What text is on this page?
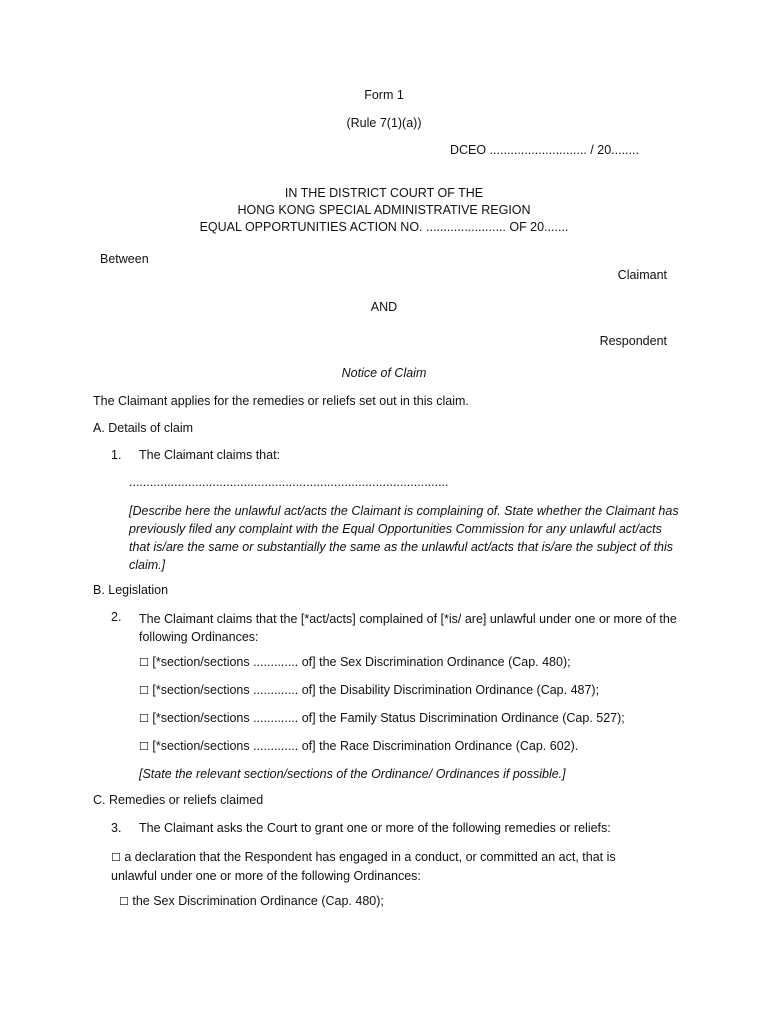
Form 1
(Rule 7(1)(a))
DCEO ............................ / 20........
IN THE DISTRICT COURT OF THE
HONG KONG SPECIAL ADMINISTRATIVE REGION
EQUAL OPPORTUNITIES ACTION NO. ....................... OF 20.......
Between
Claimant
AND
Respondent
Notice of Claim
The Claimant applies for the remedies or reliefs set out in this claim.
A. Details of claim
1. The Claimant claims that:
............................................................................................
[Describe here the unlawful act/acts the Claimant is complaining of. State whether the Claimant has previously filed any complaint with the Equal Opportunities Commission for any unlawful act/acts that is/are the same or substantially the same as the unlawful act/acts that is/are the subject of this claim.]
B. Legislation
2. The Claimant claims that the [*act/acts] complained of [*is/ are] unlawful under one or more of the following Ordinances:
☐ [*section/sections ............. of] the Sex Discrimination Ordinance (Cap. 480);
☐ [*section/sections ............. of] the Disability Discrimination Ordinance (Cap. 487);
☐ [*section/sections ............. of] the Family Status Discrimination Ordinance (Cap. 527);
☐ [*section/sections ............. of] the Race Discrimination Ordinance (Cap. 602).
[State the relevant section/sections of the Ordinance/ Ordinances if possible.]
C. Remedies or reliefs claimed
3. The Claimant asks the Court to grant one or more of the following remedies or reliefs:
☐ a declaration that the Respondent has engaged in a conduct, or committed an act, that is unlawful under one or more of the following Ordinances:
☐ the Sex Discrimination Ordinance (Cap. 480);
